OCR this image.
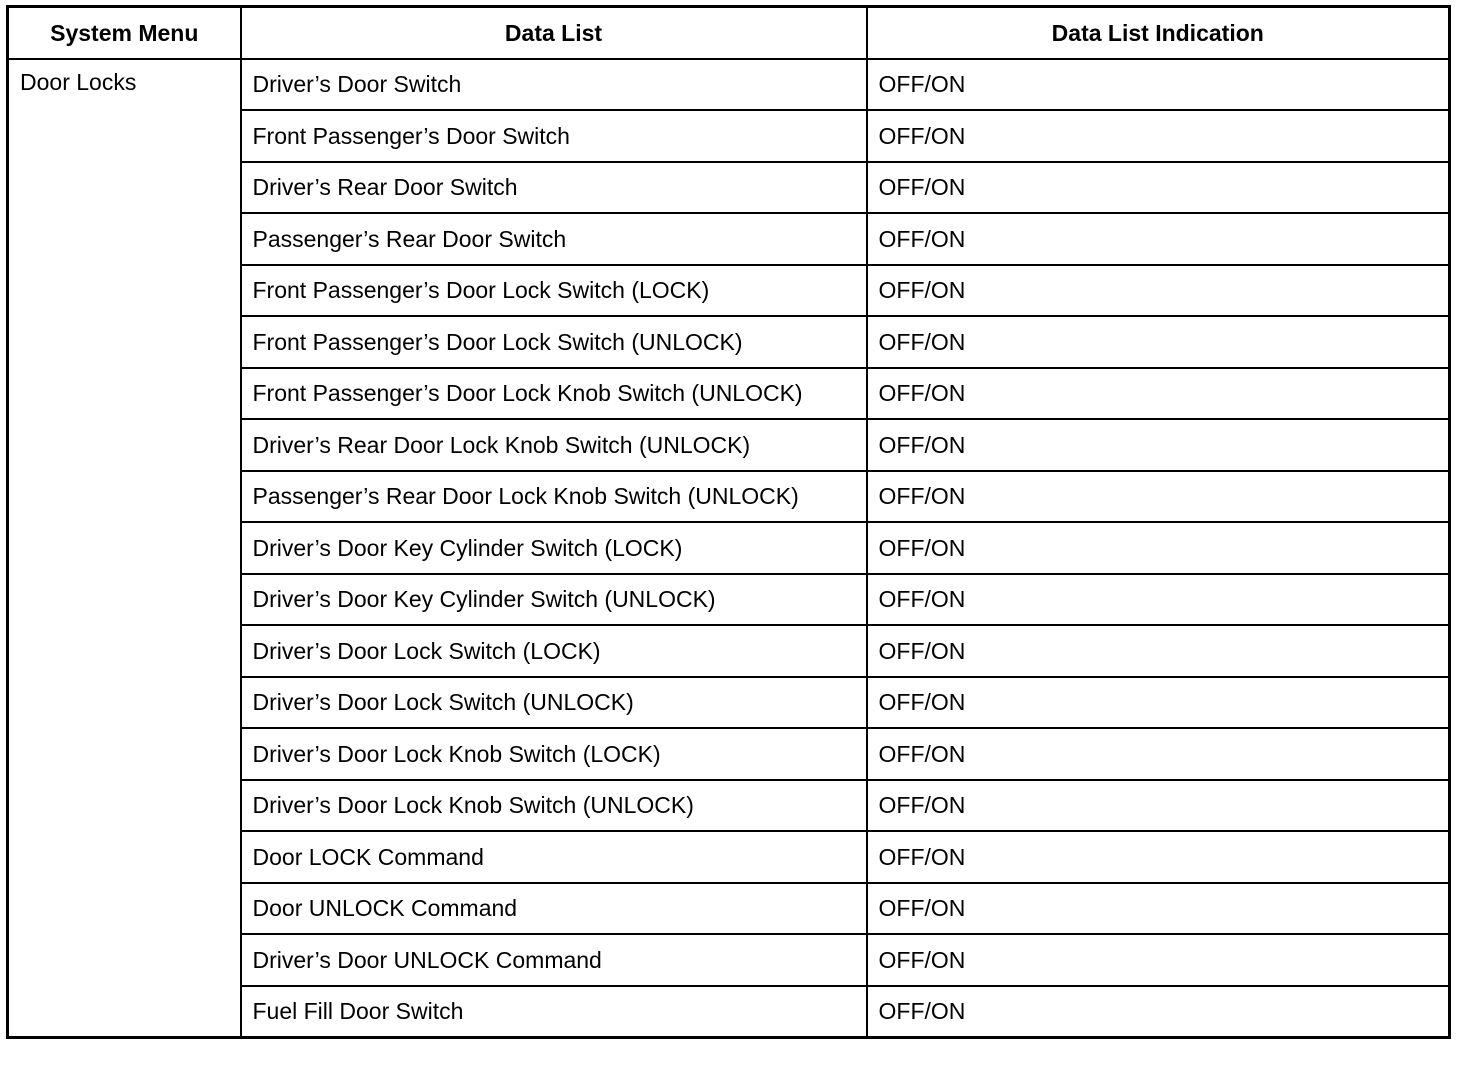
System Menu	Data List	Data List Indication
Door Locks	Driver’s Door Switch	OFF/ON
	Front Passenger’s Door Switch	OFF/ON
	Driver’s Rear Door Switch	OFF/ON
	Passenger’s Rear Door Switch	OFF/ON
	Front Passenger’s Door Lock Switch (LOCK)	OFF/ON
	Front Passenger’s Door Lock Switch (UNLOCK)	OFF/ON
	Front Passenger’s Door Lock Knob Switch (UNLOCK)	OFF/ON
	Driver’s Rear Door Lock Knob Switch (UNLOCK)	OFF/ON
	Passenger’s Rear Door Lock Knob Switch (UNLOCK)	OFF/ON
	Driver’s Door Key Cylinder Switch (LOCK)	OFF/ON
	Driver’s Door Key Cylinder Switch (UNLOCK)	OFF/ON
	Driver’s Door Lock Switch (LOCK)	OFF/ON
	Driver’s Door Lock Switch (UNLOCK)	OFF/ON
	Driver’s Door Lock Knob Switch (LOCK)	OFF/ON
	Driver’s Door Lock Knob Switch (UNLOCK)	OFF/ON
	Door LOCK Command	OFF/ON
	Door UNLOCK Command	OFF/ON
	Driver’s Door UNLOCK Command	OFF/ON
	Fuel Fill Door Switch	OFF/ON
